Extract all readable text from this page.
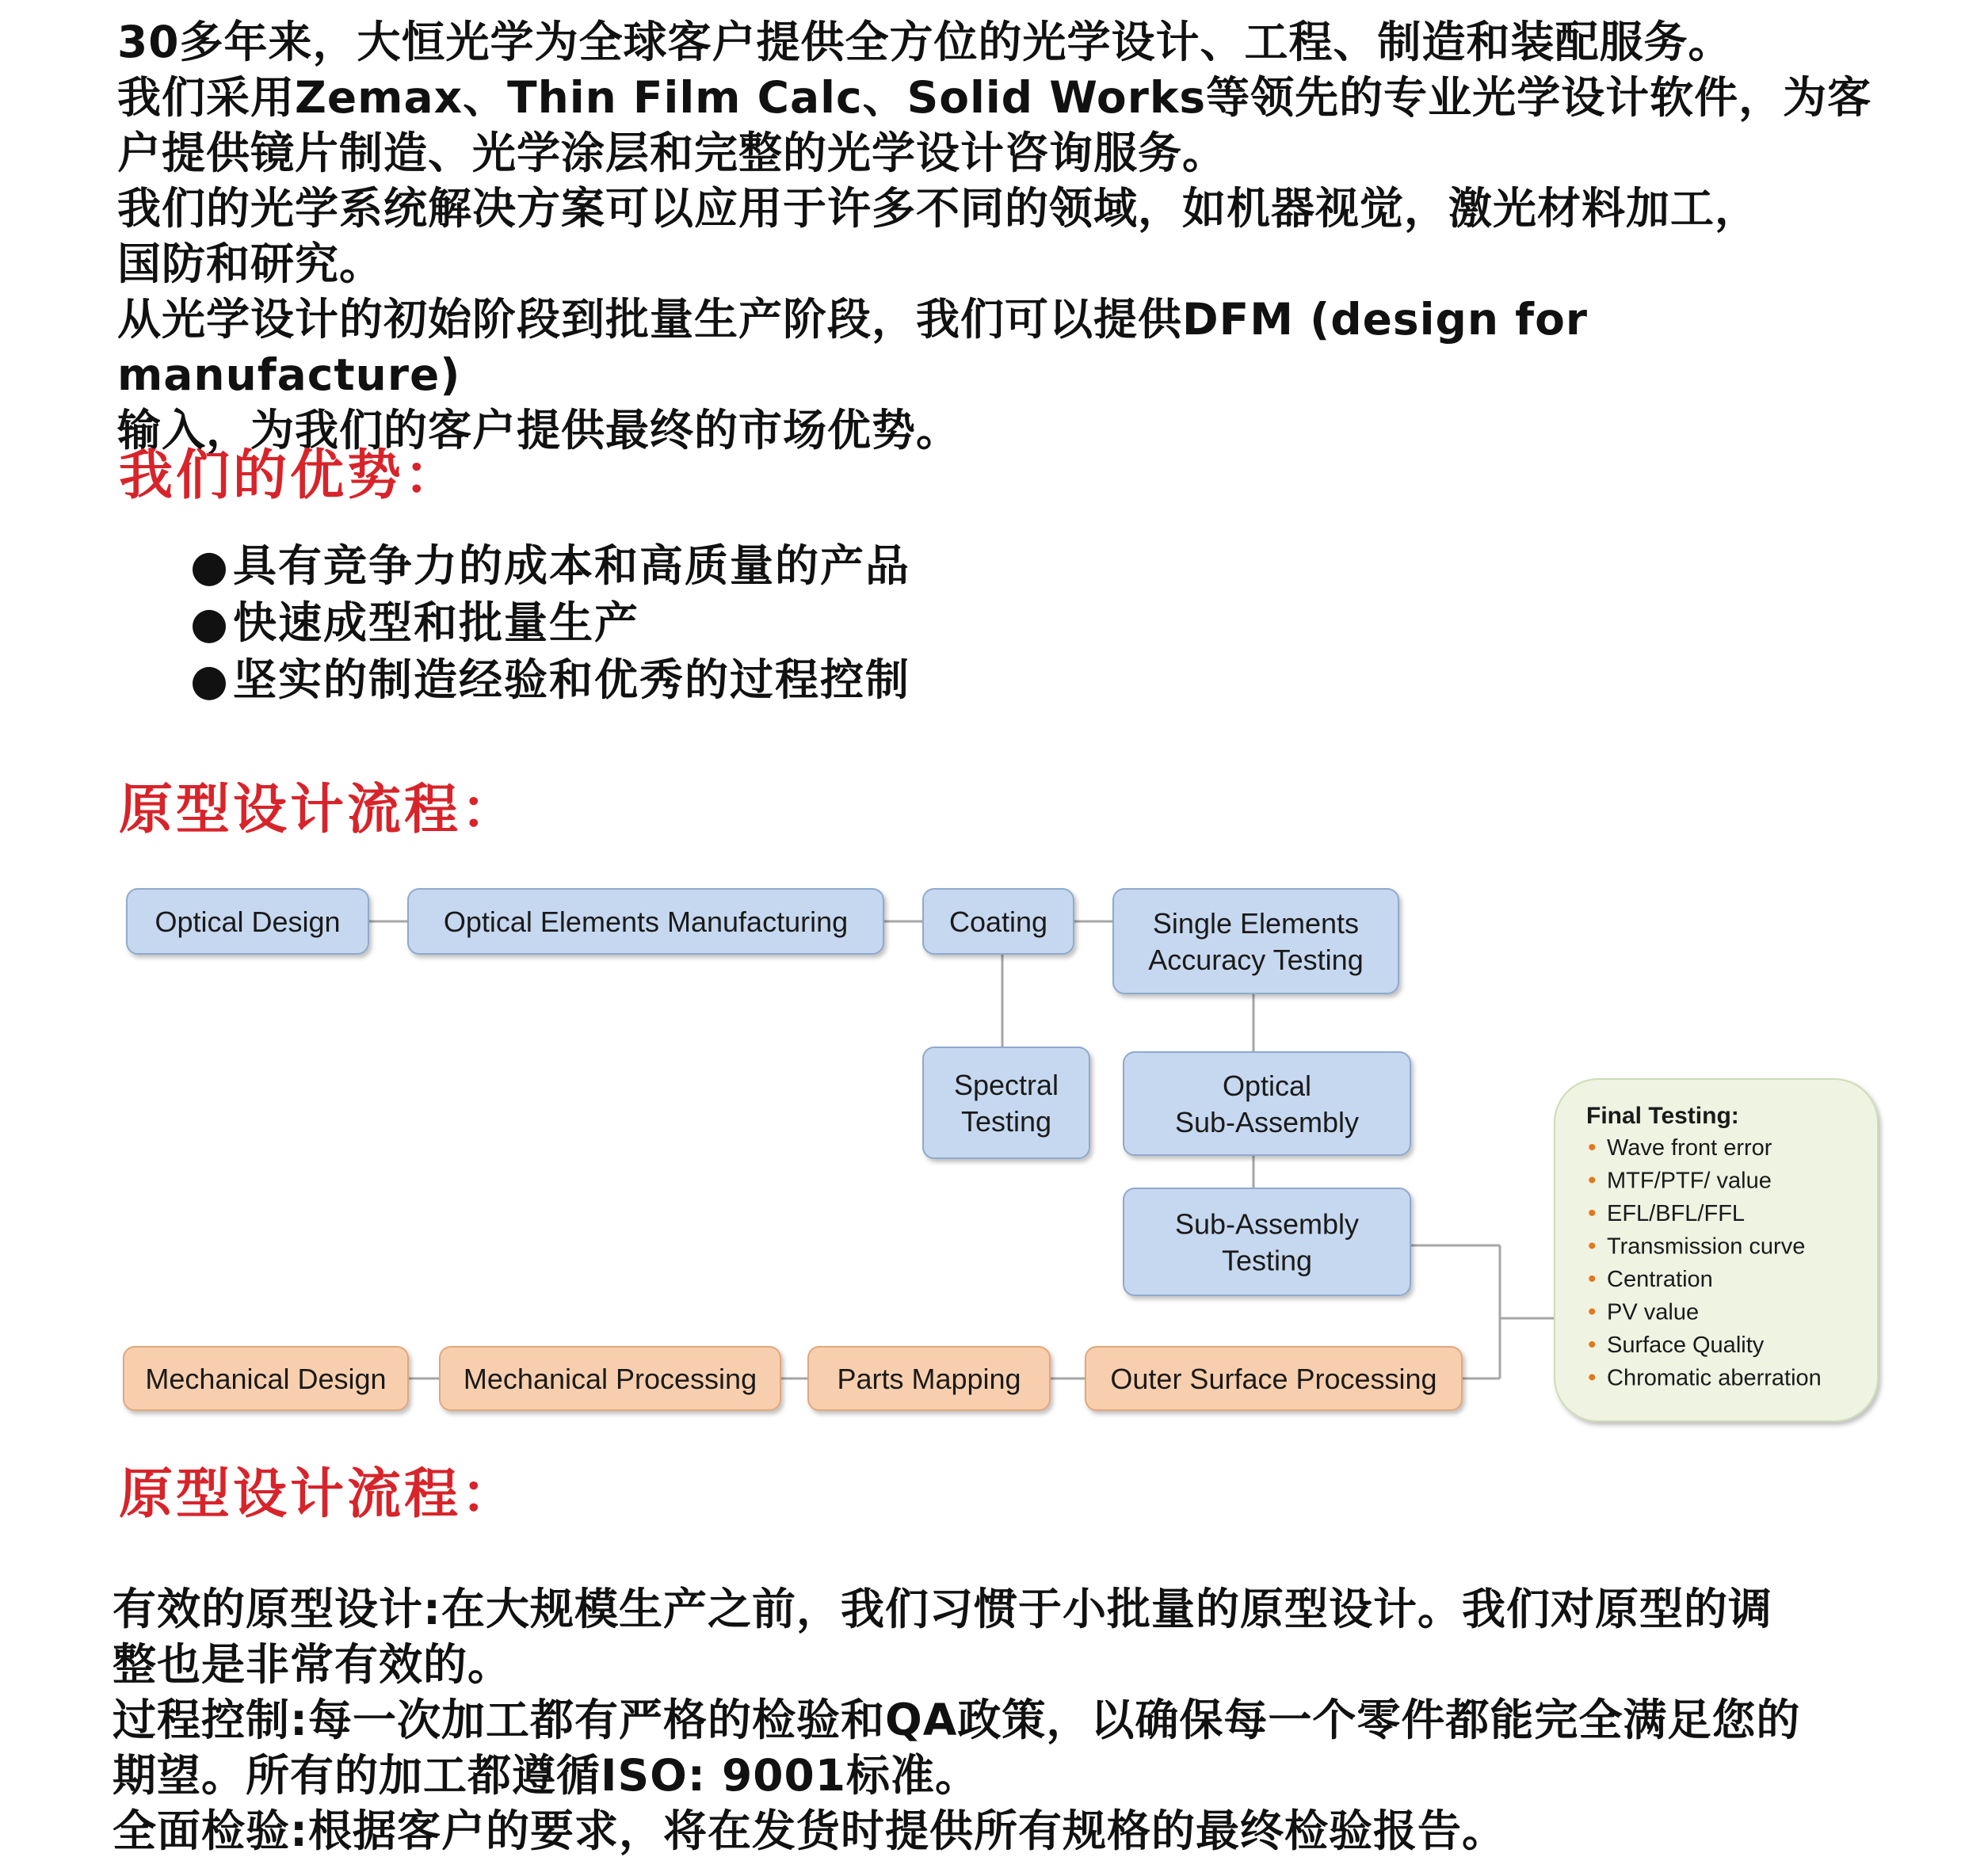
30多年来，大恒光学为全球客户提供全方位的光学设计、工程、制造和装配服务。

我们采用Zemax、Thin Film Calc、Solid Works等领先的专业光学设计软件，为客

户提供镜片制造、光学涂层和完整的光学设计咨询服务。

我们的光学系统解决方案可以应用于许多不同的领域，如机器视觉，激光材料加工，

国防和研究。

从光学设计的初始阶段到批量生产阶段，我们可以提供DFM (design for manufacture)

输入，为我们的客户提供最终的市场优势。

我们的优势：
●具有竞争力的成本和高质量的产品
●快速成型和批量生产
●坚实的制造经验和优秀的过程控制
原型设计流程：
Optical Design	Optical Elements Manufacturing	Coating	Single Elements
Accuracy Testing
Spectral
Testing
Optical
Sub-Assembly
Sub-Assembly
Testing
Mechanical Design	Mechanical Processing	Parts Mapping	Outer Surface Processing
Final Testing:
• Wave front error
• MTF/PTF/ value
• EFL/BFL/FFL
• Transmission curve
• Centration
• PV value
• Surface Quality
• Chromatic aberration
原型设计流程：

有效的原型设计:在大规模生产之前，我们习惯于小批量的原型设计。我们对原型的调

整也是非常有效的。

过程控制:每一次加工都有严格的检验和QA政策，以确保每一个零件都能完全满足您的

期望。所有的加工都遵循ISO: 9001标准。

全面检验:根据客户的要求，将在发货时提供所有规格的最终检验报告。
